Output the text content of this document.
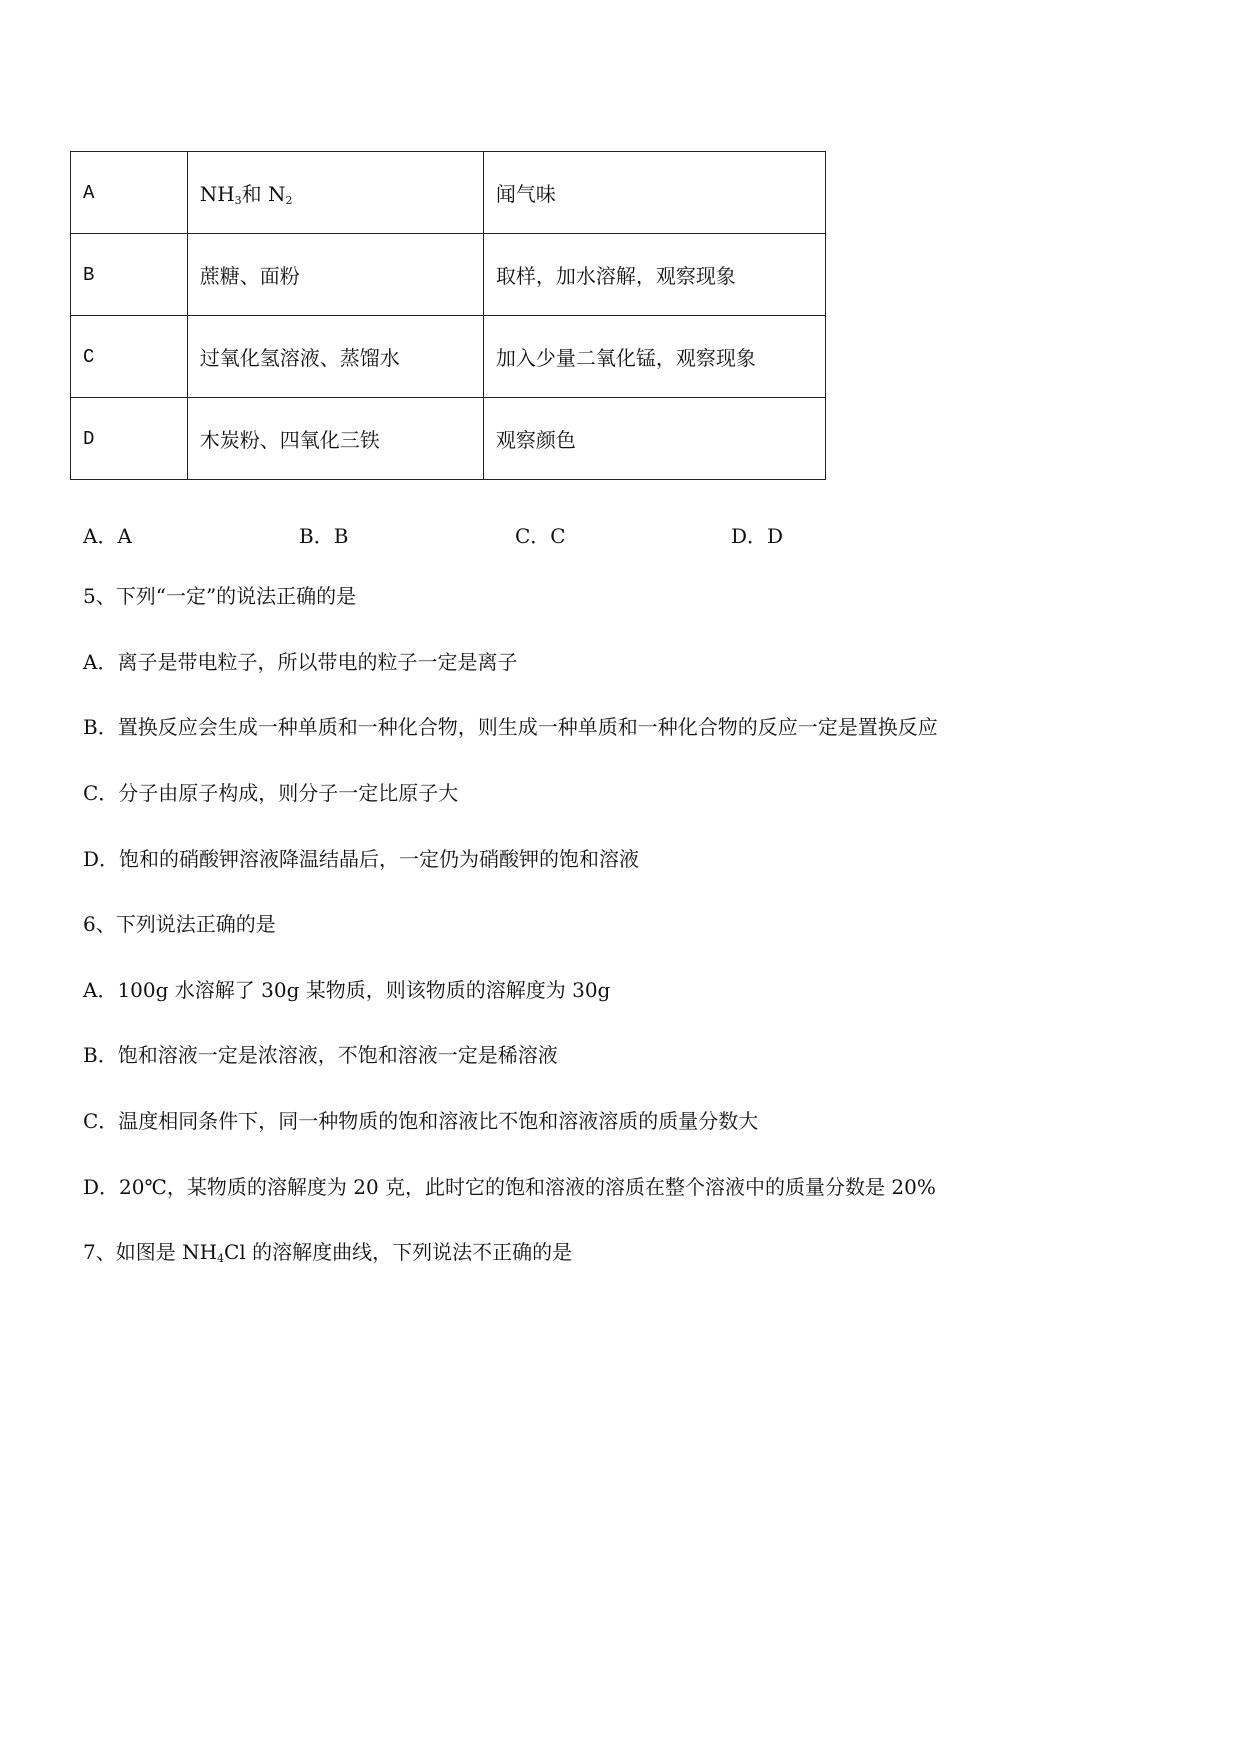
A	$NH_3$和 $N_2$	闻气味
B	蔗糖、面粉	取样，加水溶解，观察现象
C	过氧化氢溶液、蒸馏水	加入少量二氧化锰，观察现象
D	木炭粉、四氧化三铁	观察颜色
A．A	B．B	C．C	D．D
5、下列“一定”的说法正确的是
A．离子是带电粒子，所以带电的粒子一定是离子
B．置换反应会生成一种单质和一种化合物，则生成一种单质和一种化合物的反应一定是置换反应
C．分子由原子构成，则分子一定比原子大
D．饱和的硝酸钾溶液降温结晶后，一定仍为硝酸钾的饱和溶液
6、下列说法正确的是
A．100g 水溶解了 30g 某物质，则该物质的溶解度为 30g
B．饱和溶液一定是浓溶液，不饱和溶液一定是稀溶液
C．温度相同条件下，同一种物质的饱和溶液比不饱和溶液溶质的质量分数大
D．20℃，某物质的溶解度为 20 克，此时它的饱和溶液的溶质在整个溶液中的质量分数是 20%
7、如图是 $NH_4Cl$ 的溶解度曲线，下列说法不正确的是
